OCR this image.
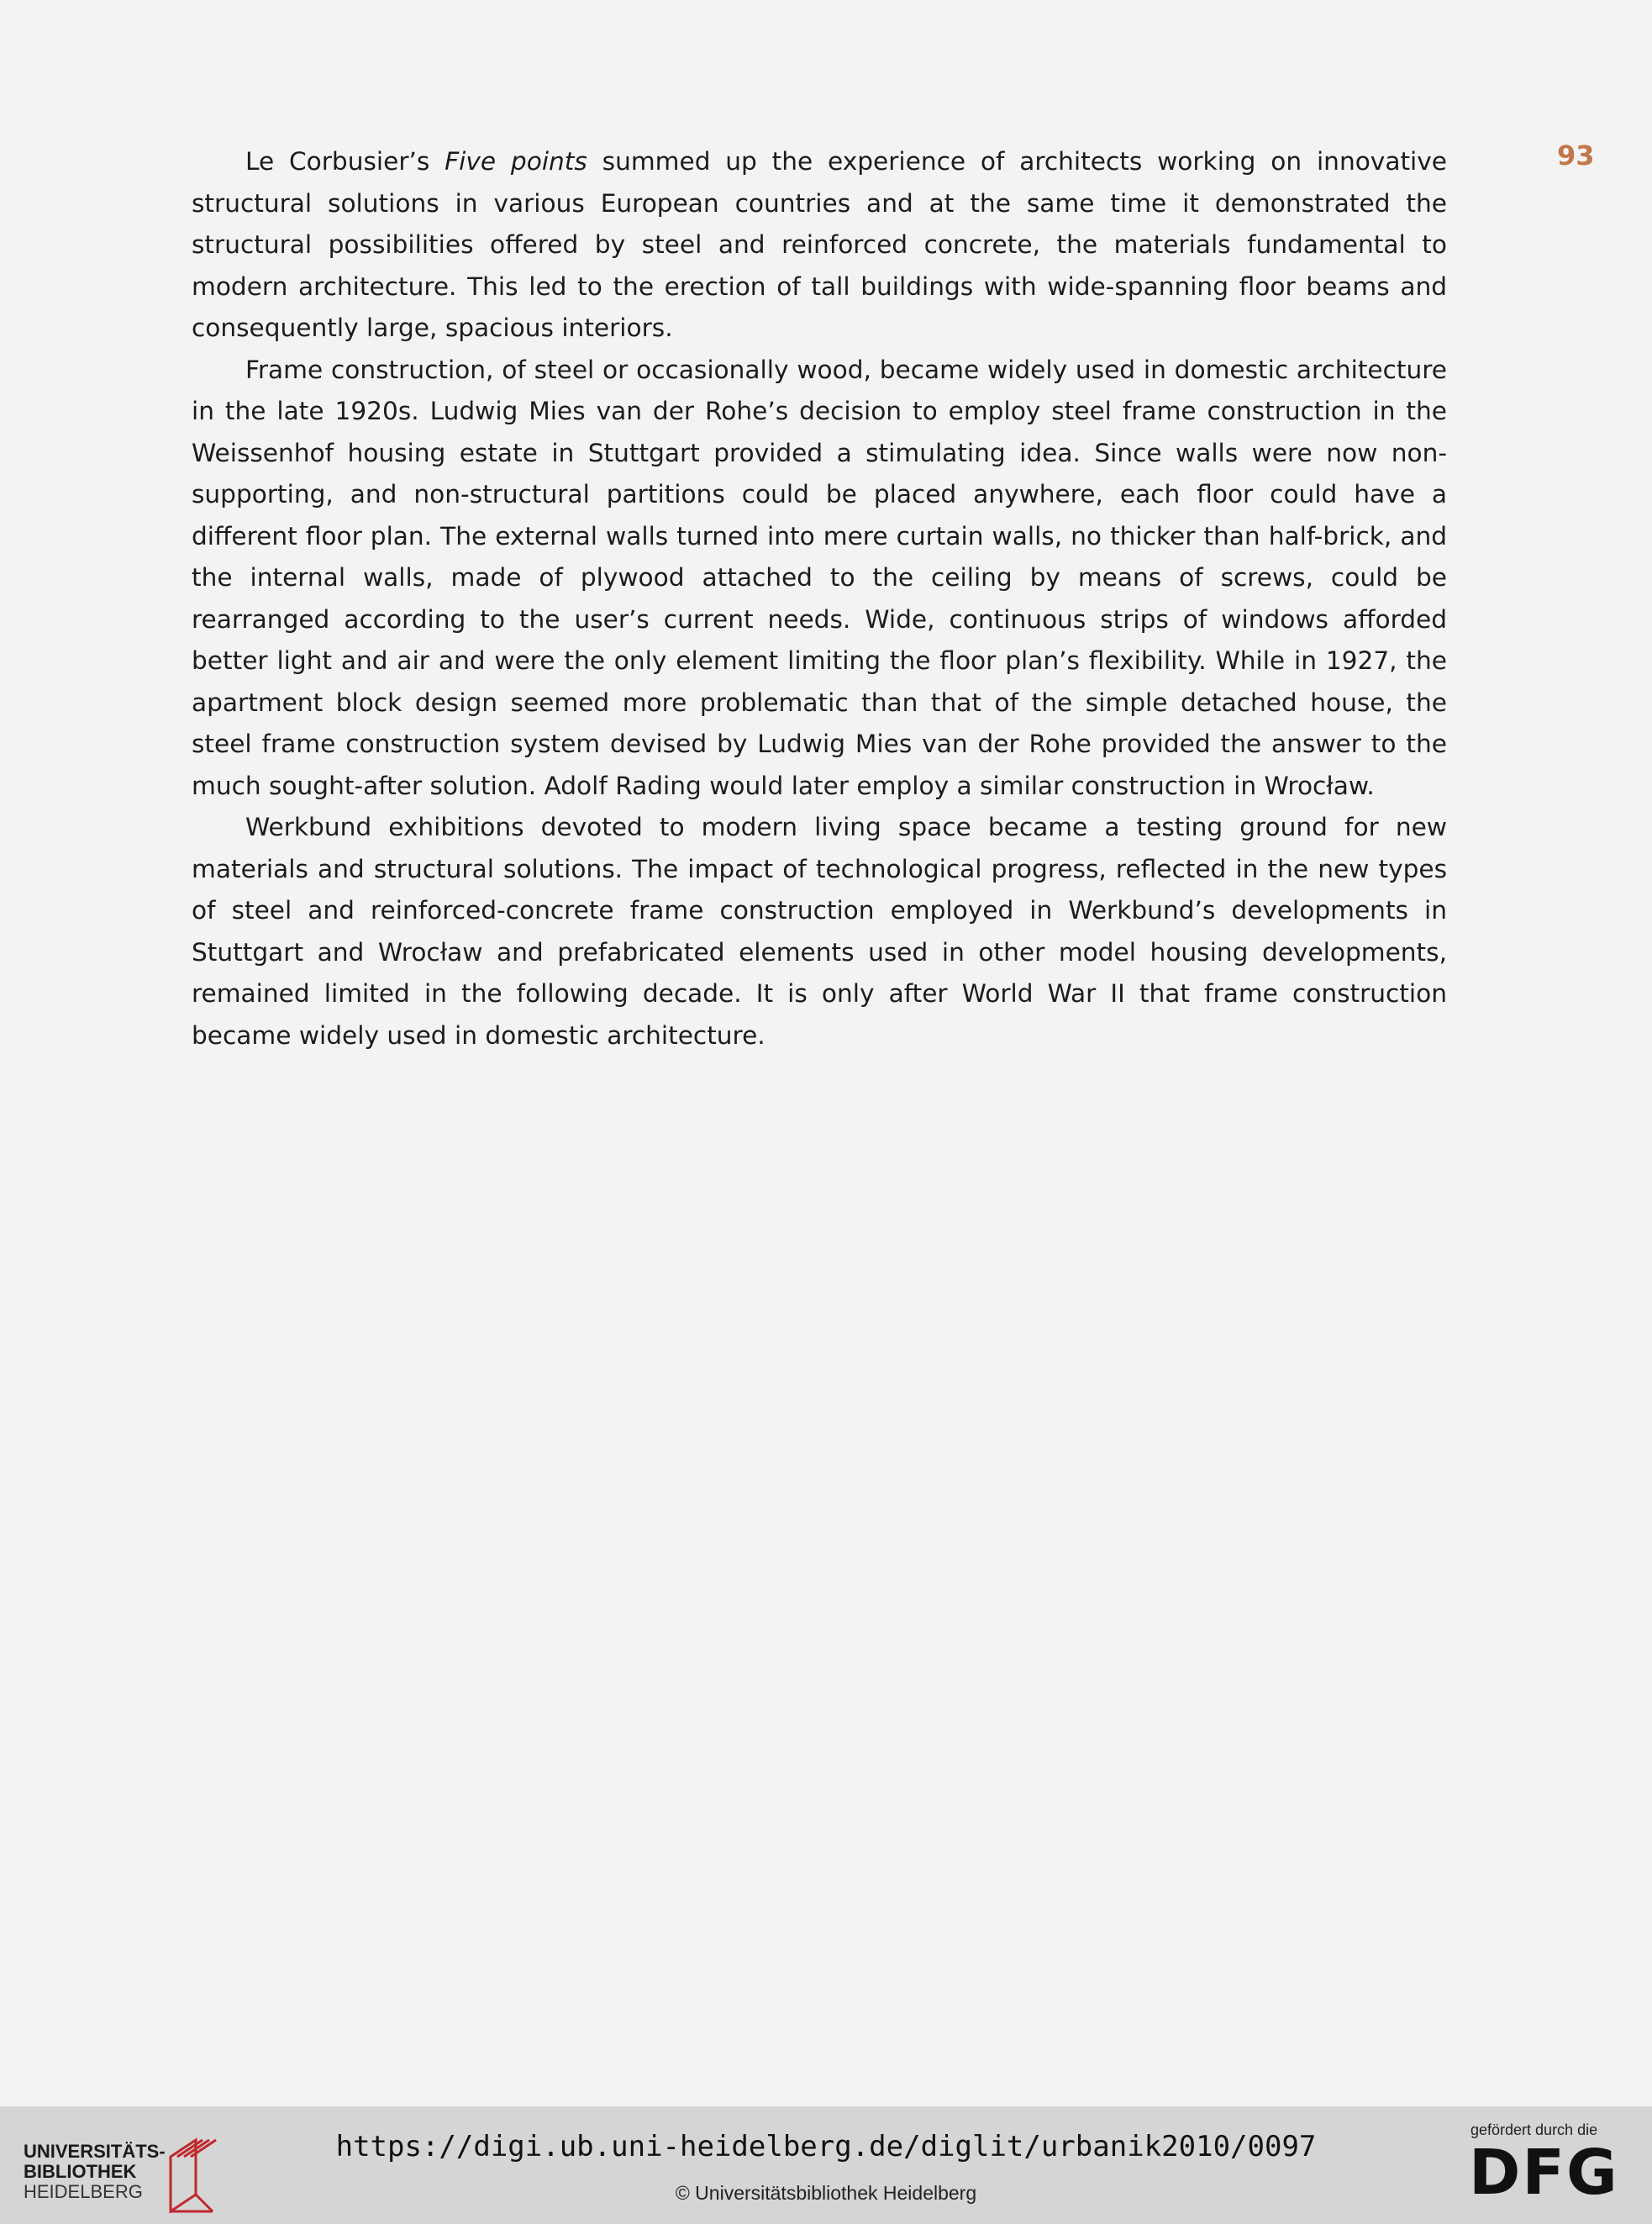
93

Le Corbusier’s Five points summed up the experience of architects working on innovative structural solutions in various European countries and at the same time it demonstrated the structural possibilities offered by steel and reinforced concrete, the materials fundamental to modern architecture. This led to the erection of tall buildings with wide-spanning floor beams and consequently large, spacious interiors.

Frame construction, of steel or occasionally wood, became widely used in domestic architecture in the late 1920s. Ludwig Mies van der Rohe’s decision to employ steel frame construction in the Weissenhof housing estate in Stuttgart provided a stimulating idea. Since walls were now non-supporting, and non-structural partitions could be placed anywhere, each floor could have a different floor plan. The external walls turned into mere curtain walls, no thicker than half-brick, and the internal walls, made of plywood attached to the ceiling by means of screws, could be rearranged according to the user’s current needs. Wide, continuous strips of windows afforded better light and air and were the only element limiting the floor plan’s flexibility. While in 1927, the apartment block design seemed more problematic than that of the simple detached house, the steel frame construction system devised by Ludwig Mies van der Rohe provided the answer to the much sought-after solution. Adolf Rading would later employ a similar construction in Wrocław.

Werkbund exhibitions devoted to modern living space became a testing ground for new materials and structural solutions. The impact of technological progress, reflected in the new types of steel and reinforced-concrete frame construction employed in Werkbund’s developments in Stuttgart and Wrocław and prefabricated elements used in other model housing developments, remained limited in the following decade. It is only after World War II that frame construction became widely used in domestic architecture.

UNIVERSITÄTS-
BIBLIOTHEK
HEIDELBERG
https://digi.ub.uni-heidelberg.de/diglit/urbanik2010/0097
© Universitätsbibliothek Heidelberg
gefördert durch die
DFG
